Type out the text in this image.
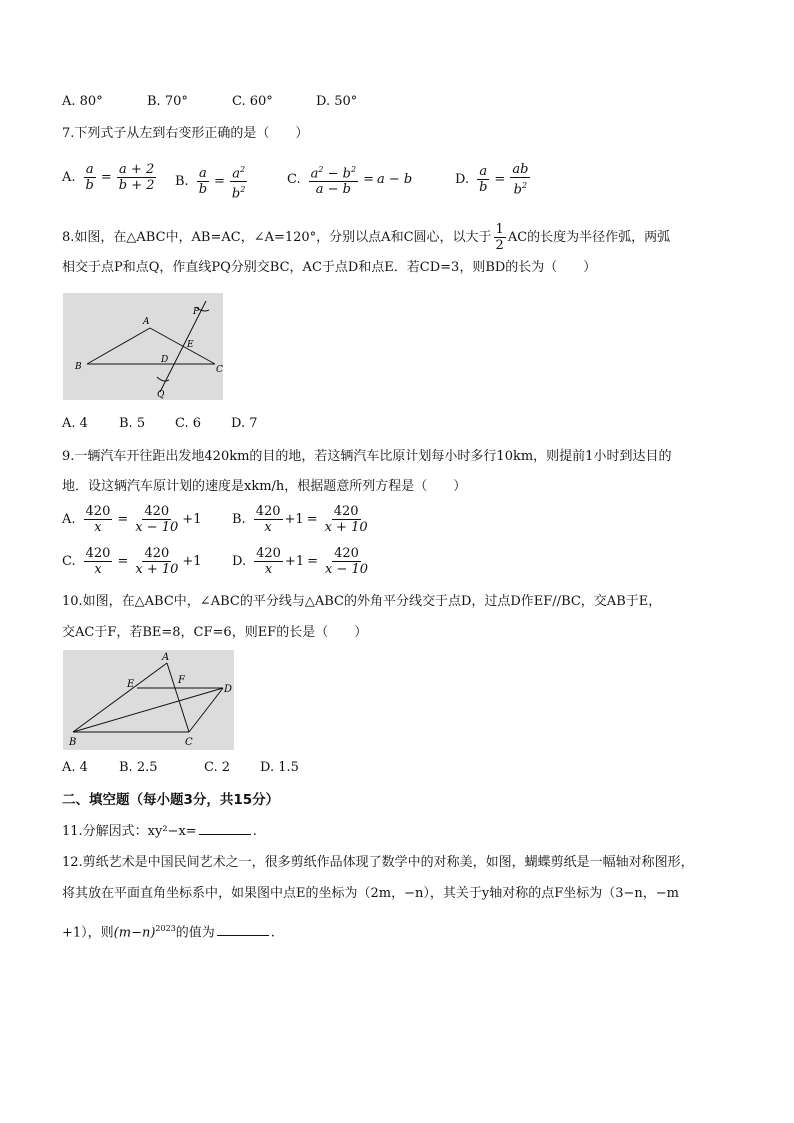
A. 80°	B. 70°	C. 60°	D. 50°
7.下列式子从左到右变形正确的是（　　）
A. $\frac{a}{b} = \frac{a + 2}{b + 2} B$. $\frac{a}{b} = \frac{a^2}{b^2}$	C. $\frac{a^2 - b^2}{a - b} = a - b$	D. $\frac{a}{b} = \frac{ab}{b^2}$
8.如图，在△ABC中，AB=AC，∠A=120°，分别以点A和C圆心，以大于 $\frac{1}{2}$ AC的长度为半径作弧，两弧
相交于点P和点Q，作直线PQ分别交BC，AC于点D和点E．若CD=3，则BD的长为（　　）
A
B	C
D
E
P
Q
A. 4 B. 5 C. 6 D. 7
9.一辆汽车开往距出发地420km的目的地，若这辆汽车比原计划每小时多行10km，则提前1小时到达目的
地．设这辆汽车原计划的速度是xkm/h，根据题意所列方程是（　　）
A. $\frac{420}{x} = \frac{420}{x - 10} +1$ B. $\frac{420}{x} +1 = \frac{420}{x + 10}$
C. $\frac{420}{x} = \frac{420}{x + 10} +1$ D. $\frac{420}{x} +1 = \frac{420}{x - 10}$
10.如图，在△ABC中，∠ABC的平分线与△ABC的外角平分线交于点D，过点D作EF//BC，交AB于E，
交AC于F，若BE=8，CF=6，则EF的长是（　　）
A
B	C
D
E	F
A. 4 B. 2.5	C. 2 D. 1.5
二、填空题（每小题3分，共15分）
11.分解因式：xy²−x=	.
12.剪纸艺术是中国民间艺术之一，很多剪纸作品体现了数学中的对称美，如图，蝴蝶剪纸是一幅轴对称图形，
将其放在平面直角坐标系中，如果图中点E的坐标为（2m，−n），其关于y轴对称的点F坐标为（3−n，−m
+1），则$(m-n)^{2023}$的值为	.
